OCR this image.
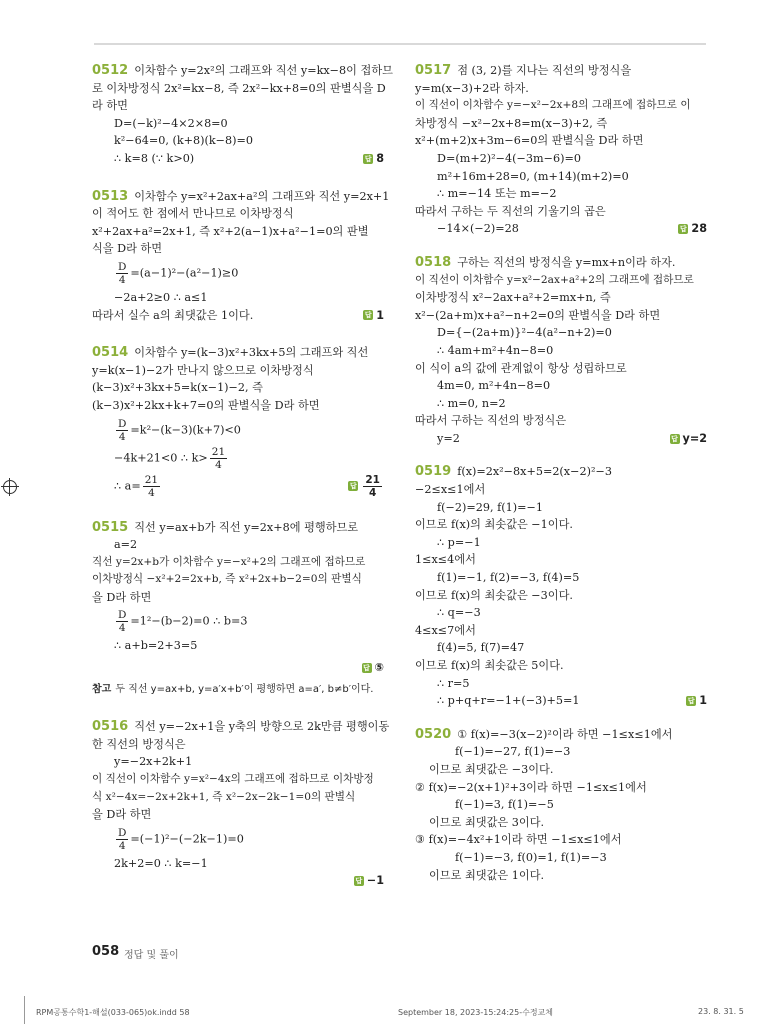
0512 이차함수 y=2x²의 그래프와 직선 y=kx−8이 접하므
로 이차방정식 2x²=kx−8, 즉 2x²−kx+8=0의 판별식을 D
라 하면
D=(−k)²−4×2×8=0
k²−64=0, (k+8)(k−8)=0
∴ k=8 (∵ k>0)	답 8
0513 이차함수 y=x²+2ax+a²의 그래프와 직선 y=2x+1
이 적어도 한 점에서 만나므로 이차방정식
x²+2ax+a²=2x+1, 즉 x²+2(a−1)x+a²−1=0의 판별
식을 D라 하면
$\frac{D}{4} =(a-1)^2-(a^2-1)\ge 0$
−2a+2≥0 ∴ a≤1
따라서 실수 a의 최댓값은 1이다.	답 1
0514 이차함수 y=(k−3)x²+3kx+5의 그래프와 직선
y=k(x−1)−2가 만나지 않으므로 이차방정식
(k−3)x²+3kx+5=k(x−1)−2, 즉
(k−3)x²+2kx+k+7=0의 판별식을 D라 하면
$\frac{D}{4} =k^2-(k-3)(k+7)<0$
−4k+21<0 ∴ $k> \frac{21}{4}$
∴ $a= \frac{21}{4}$	답 $\frac{21}{4}$
0515 직선 y=ax+b가 직선 y=2x+8에 평행하므로
a=2
직선 y=2x+b가 이차함수 y=−x²+2의 그래프에 접하므로
이차방정식 −x²+2=2x+b, 즉 x²+2x+b−2=0의 판별식
을 D라 하면
$\frac{D}{4} =1^2-(b-2)=0$ ∴ b=3
∴ a+b=2+3=5
답 ⑤
참고 두 직선 y=ax+b, y=a′x+b′이 평행하면 a=a′, b≠b′이다.
0516 직선 y=−2x+1을 y축의 방향으로 2k만큼 평행이동
한 직선의 방정식은
y=−2x+2k+1
이 직선이 이차함수 y=x²−4x의 그래프에 접하므로 이차방정
식 x²−4x=−2x+2k+1, 즉 x²−2x−2k−1=0의 판별식
을 D라 하면
$\frac{D}{4} =(-1)^2-(-2k-1)=0$
2k+2=0 ∴ k=−1
답 −1
0517 점 (3, 2)를 지나는 직선의 방정식을
y=m(x−3)+2라 하자.
이 직선이 이차함수 y=−x²−2x+8의 그래프에 접하므로 이
차방정식 −x²−2x+8=m(x−3)+2, 즉
x²+(m+2)x+3m−6=0의 판별식을 D라 하면
D=(m+2)²−4(−3m−6)=0
m²+16m+28=0, (m+14)(m+2)=0
∴ m=−14 또는 m=−2
따라서 구하는 두 직선의 기울기의 곱은
−14×(−2)=28	답 28
0518 구하는 직선의 방정식을 y=mx+n이라 하자.
이 직선이 이차함수 y=x²−2ax+a²+2의 그래프에 접하므로
이차방정식 x²−2ax+a²+2=mx+n, 즉
x²−(2a+m)x+a²−n+2=0의 판별식을 D라 하면
D={−(2a+m)}²−4(a²−n+2)=0
∴ 4am+m²+4n−8=0
이 식이 a의 값에 관계없이 항상 성립하므로
4m=0, m²+4n−8=0
∴ m=0, n=2
따라서 구하는 직선의 방정식은
y=2	답 y=2
0519 f(x)=2x²−8x+5=2(x−2)²−3
−2≤x≤1에서
f(−2)=29, f(1)=−1
이므로 f(x)의 최솟값은 −1이다.
∴ p=−1
1≤x≤4에서
f(1)=−1, f(2)=−3, f(4)=5
이므로 f(x)의 최솟값은 −3이다.
∴ q=−3
4≤x≤7에서
f(4)=5, f(7)=47
이므로 f(x)의 최솟값은 5이다.
∴ r=5
∴ p+q+r=−1+(−3)+5=1	답 1
0520 ① f(x)=−3(x−2)²이라 하면 −1≤x≤1에서
f(−1)=−27, f(1)=−3
이므로 최댓값은 −3이다.
② f(x)=−2(x+1)²+3이라 하면 −1≤x≤1에서
f(−1)=3, f(1)=−5
이므로 최댓값은 3이다.
③ f(x)=−4x²+1이라 하면 −1≤x≤1에서
f(−1)=−3, f(0)=1, f(1)=−3
이므로 최댓값은 1이다.
058 정답 및 풀이
RPM공통수학1-해설(033-065)ok.indd 58	September 18, 2023-15:24:25-수정교체	23. 8. 31. 5
